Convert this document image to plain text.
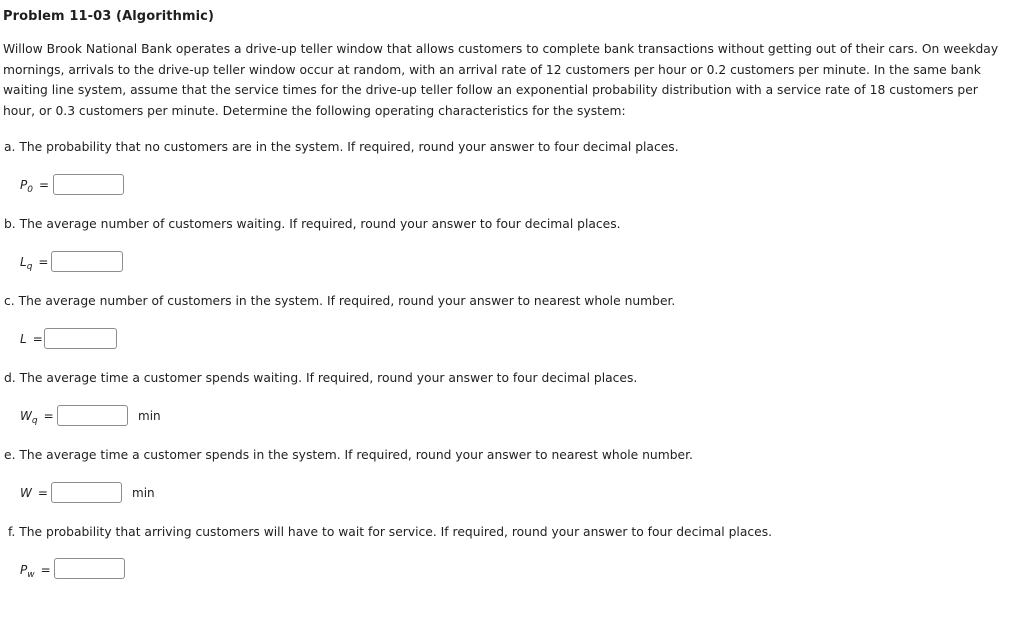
Problem 11-03 (Algorithmic)
Willow Brook National Bank operates a drive-up teller window that allows customers to complete bank transactions without getting out of their cars. On weekday mornings, arrivals to the drive-up teller window occur at random, with an arrival rate of 12 customers per hour or 0.2 customers per minute. In the same bank waiting line system, assume that the service times for the drive-up teller follow an exponential probability distribution with a service rate of 18 customers per hour, or 0.3 customers per minute. Determine the following operating characteristics for the system:
a. The probability that no customers are in the system. If required, round your answer to four decimal places.
$P_0$ =
b. The average number of customers waiting. If required, round your answer to four decimal places.
$L_q$ =
c. The average number of customers in the system. If required, round your answer to nearest whole number.
L =
d. The average time a customer spends waiting. If required, round your answer to four decimal places.
$W_q$ =	min
e. The average time a customer spends in the system. If required, round your answer to nearest whole number.
W =	min
f. The probability that arriving customers will have to wait for service. If required, round your answer to four decimal places.
$P_w$ =
